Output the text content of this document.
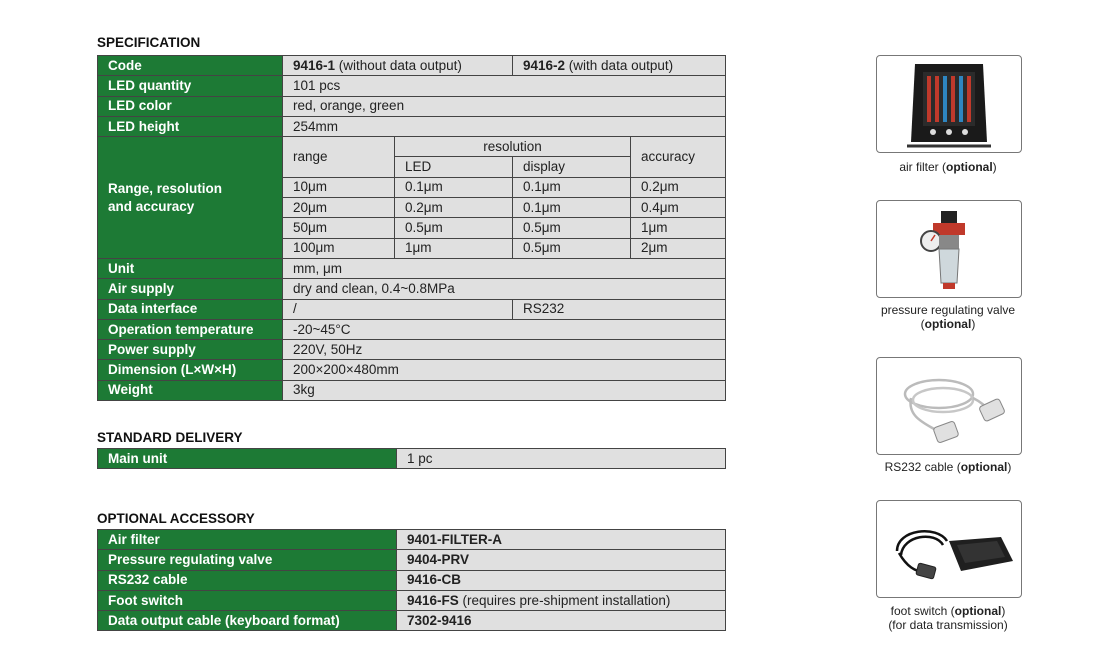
SPECIFICATION
Code	9416-1 (without data output)		9416-2 (with data output)	
LED quantity	101 pcs			
LED color	red, orange, green			
LED height	254mm			
Range, resolution
and accuracy	range	resolution		accuracy
		LED	display	
	10μm	0.1μm	0.1μm	0.2μm
	20μm	0.2μm	0.1μm	0.4μm
	50μm	0.5μm	0.5μm	1μm
	100μm	1μm	0.5μm	2μm
Unit	mm, μm			
Air supply	dry and clean, 0.4~0.8MPa			
Data interface	/		RS232	
Operation temperature	-20~45°C			
Power supply	220V, 50Hz			
Dimension (L×W×H)	200×200×480mm			
Weight	3kg			
STANDARD DELIVERY
Main unit	1 pc
OPTIONAL ACCESSORY
Air filter	9401-FILTER-A
Pressure regulating valve	9404-PRV
RS232 cable	9416-CB
Foot switch	9416-FS (requires pre-shipment installation)
Data output cable (keyboard format)	7302-9416
air filter (optional)
pressure regulating valve
(optional)
RS232 cable (optional)
foot switch (optional)
(for data transmission)
